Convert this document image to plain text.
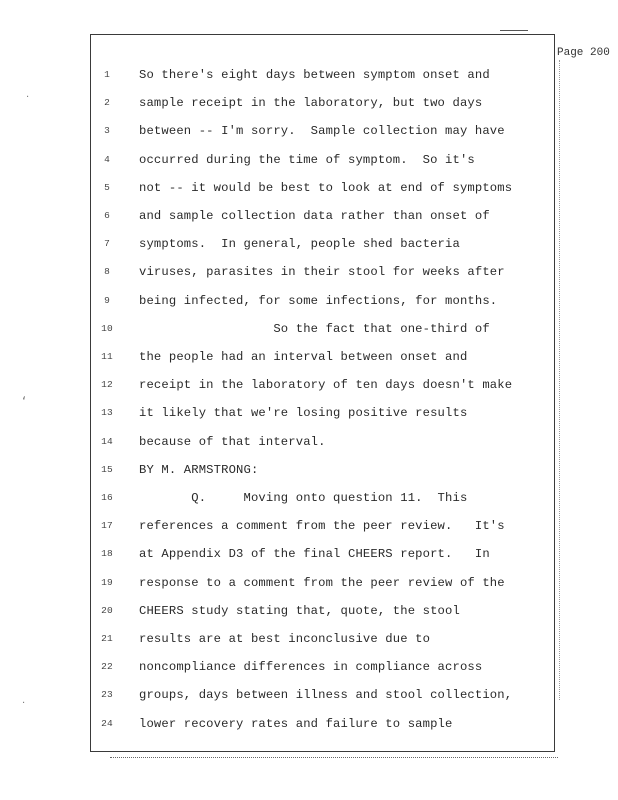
Page 200
·
ʻ
·
1	So there's eight days between symptom onset and
2	sample receipt in the laboratory, but two days
3	between -- I'm sorry.  Sample collection may have
4	occurred during the time of symptom.  So it's
5	not -- it would be best to look at end of symptoms
6	and sample collection data rather than onset of
7	symptoms.  In general, people shed bacteria
8	viruses, parasites in their stool for weeks after
9	being infected, for some infections, for months.
10	So the fact that one-third of
11	the people had an interval between onset and
12	receipt in the laboratory of ten days doesn't make
13	it likely that we're losing positive results
14	because of that interval.
15	BY M. ARMSTRONG:
16	Q.     Moving onto question 11.  This
17	references a comment from the peer review.   It's
18	at Appendix D3 of the final CHEERS report.   In
19	response to a comment from the peer review of the
20	CHEERS study stating that, quote, the stool
21	results are at best inconclusive due to
22	noncompliance differences in compliance across
23	groups, days between illness and stool collection,
24	lower recovery rates and failure to sample
